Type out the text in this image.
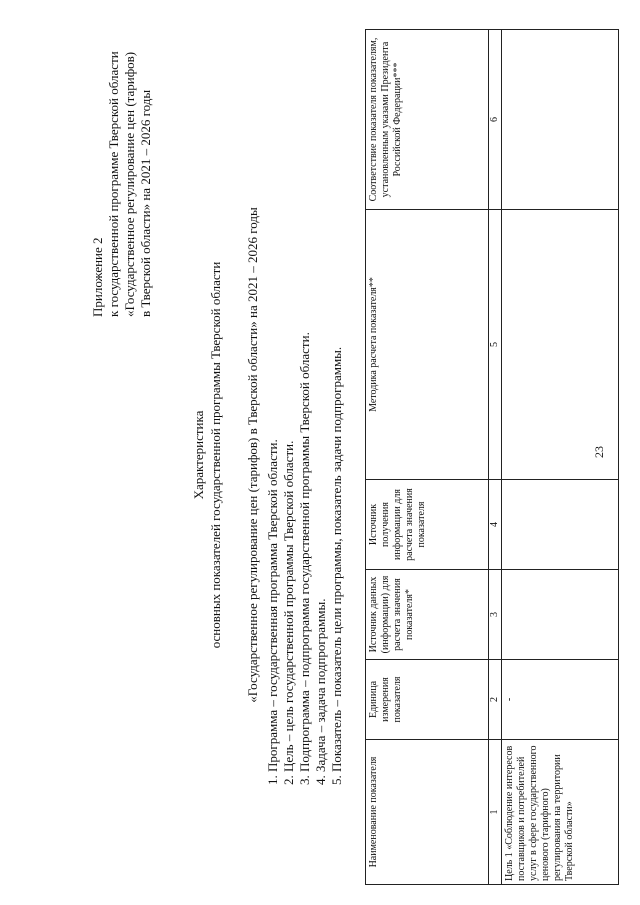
23
Приложение 2 к государственной программе Тверской области «Государственное регулирование цен (тарифов) в Тверской области» на 2021 – 2026 годы
Характеристика основных показателей государственной программы Тверской области «Государственное регулирование цен (тарифов) в Тверской области» на 2021 – 2026 годы 1. Программа – государственная программа Тверской области. 2. Цель – цель государственной программы Тверской области. 3. Подпрограмма – подпрограмма государственной программы Тверской области. 4. Задача – задача подпрограммы. 5. Показатель – показатель цели программы, показатель задачи подпрограммы.
Наименование показателя	Единица измерения показателя	Источник данных (информации) для расчета значения показателя*	Источник получения информации для расчета значения показателя	Методика расчета показателя**	Соответствие показателя показателям, установленным указами Президента Российской Федерации***
1	2	3	4	5	6
Цель 1 «Соблюдение интересов поставщиков и потребителей услуг в сфере государственного ценового (тарифного) регулирования на территории Тверской области»	-				
